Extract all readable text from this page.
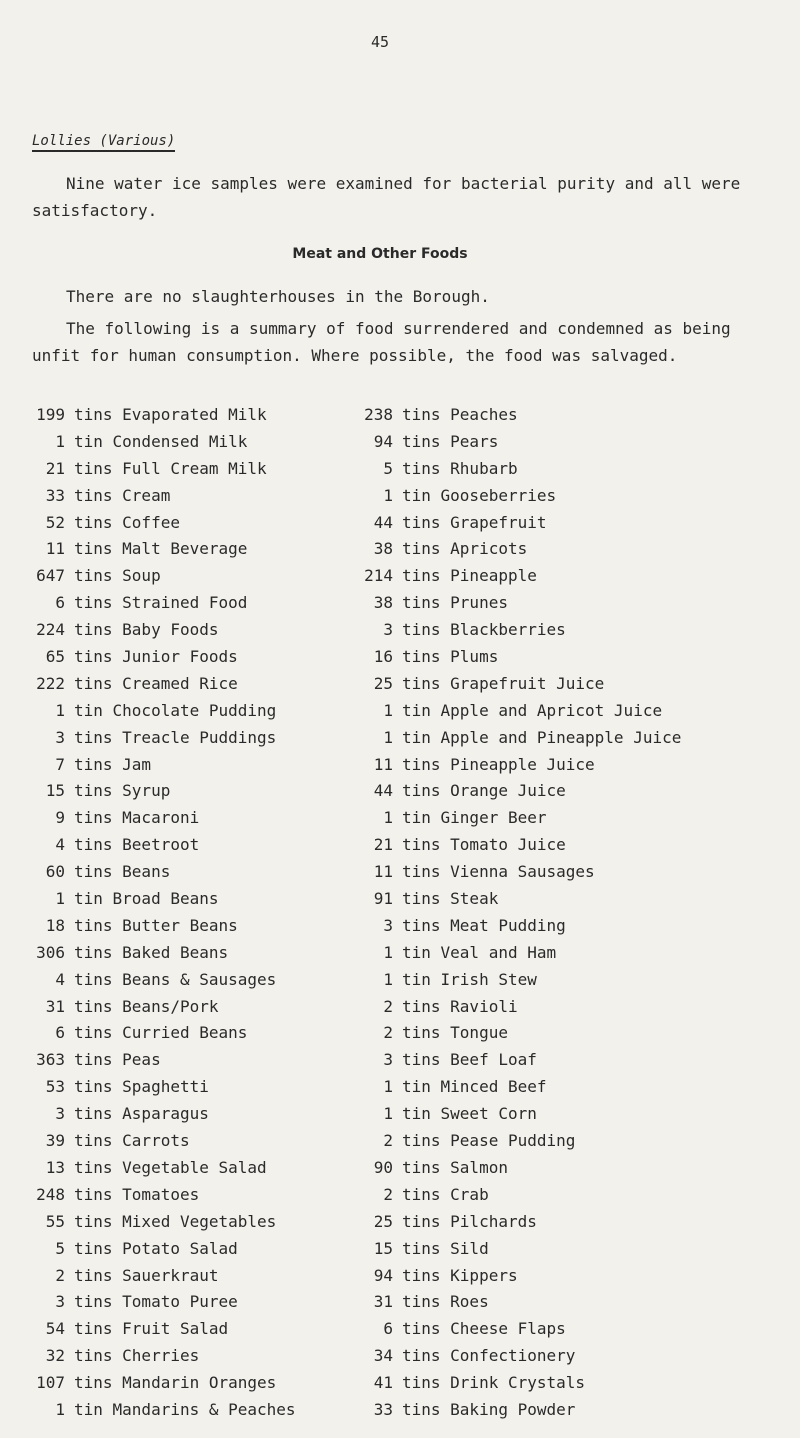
45
Lollies (Various)
Nine water ice samples were examined for bacterial purity and all were satisfactory.
Meat and Other Foods
There are no slaughterhouses in the Borough.
The following is a summary of food surrendered and condemned as being unfit for human consumption. Where possible, the food was salvaged.
199 tins Evaporated Milk
1 tin Condensed Milk
21 tins Full Cream Milk
33 tins Cream
52 tins Coffee
11 tins Malt Beverage
647 tins Soup
6 tins Strained Food
224 tins Baby Foods
65 tins Junior Foods
222 tins Creamed Rice
1 tin Chocolate Pudding
3 tins Treacle Puddings
7 tins Jam
15 tins Syrup
9 tins Macaroni
4 tins Beetroot
60 tins Beans
1 tin Broad Beans
18 tins Butter Beans
306 tins Baked Beans
4 tins Beans & Sausages
31 tins Beans/Pork
6 tins Curried Beans
363 tins Peas
53 tins Spaghetti
3 tins Asparagus
39 tins Carrots
13 tins Vegetable Salad
248 tins Tomatoes
55 tins Mixed Vegetables
5 tins Potato Salad
2 tins Sauerkraut
3 tins Tomato Puree
54 tins Fruit Salad
32 tins Cherries
107 tins Mandarin Oranges
1 tin Mandarins & Peaches
238 tins Peaches
94 tins Pears
5 tins Rhubarb
1 tin Gooseberries
44 tins Grapefruit
38 tins Apricots
214 tins Pineapple
38 tins Prunes
3 tins Blackberries
16 tins Plums
25 tins Grapefruit Juice
1 tin Apple and Apricot Juice
1 tin Apple and Pineapple Juice
11 tins Pineapple Juice
44 tins Orange Juice
1 tin Ginger Beer
21 tins Tomato Juice
11 tins Vienna Sausages
91 tins Steak
3 tins Meat Pudding
1 tin Veal and Ham
1 tin Irish Stew
2 tins Ravioli
2 tins Tongue
3 tins Beef Loaf
1 tin Minced Beef
1 tin Sweet Corn
2 tins Pease Pudding
90 tins Salmon
2 tins Crab
25 tins Pilchards
15 tins Sild
94 tins Kippers
31 tins Roes
6 tins Cheese Flaps
34 tins Confectionery
41 tins Drink Crystals
33 tins Baking Powder
